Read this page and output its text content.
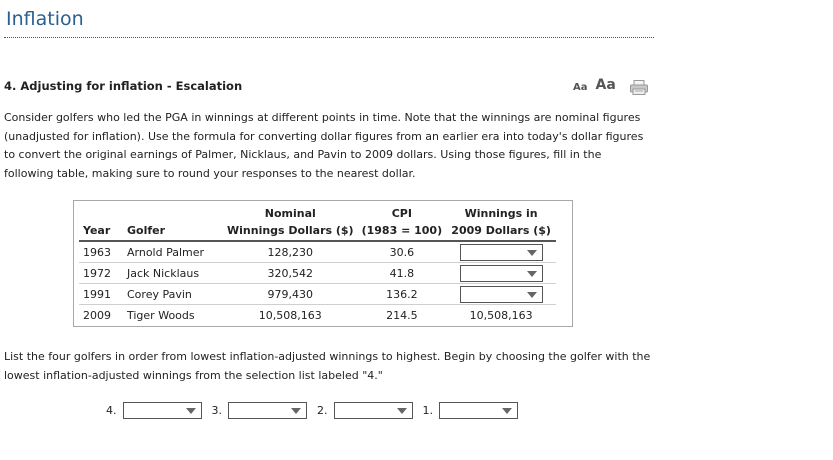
Inflation
4. Adjusting for inflation - Escalation	Aa Aa
Consider golfers who led the PGA in winnings at different points in time. Note that the winnings are nominal figures (unadjusted for inflation). Use the formula for converting dollar figures from an earlier era into today's dollar figures to convert the original earnings of Palmer, Nicklaus, and Pavin to 2009 dollars. Using those figures, fill in the following table, making sure to round your responses to the nearest dollar.
		Nominal	CPI	Winnings in
Year	Golfer	Winnings Dollars ($)	(1983 = 100)	2009 Dollars ($)
1963	Arnold Palmer	128,230	30.6	

1972	Jack Nicklaus	320,542	41.8	

1991	Corey Pavin	979,430	136.2	

2009	Tiger Woods	10,508,163	214.5	10,508,163
List the four golfers in order from lowest inflation-adjusted winnings to highest. Begin by choosing the golfer with the lowest inflation-adjusted winnings from the selection list labeled "4."
4.	3.	2.	1.
